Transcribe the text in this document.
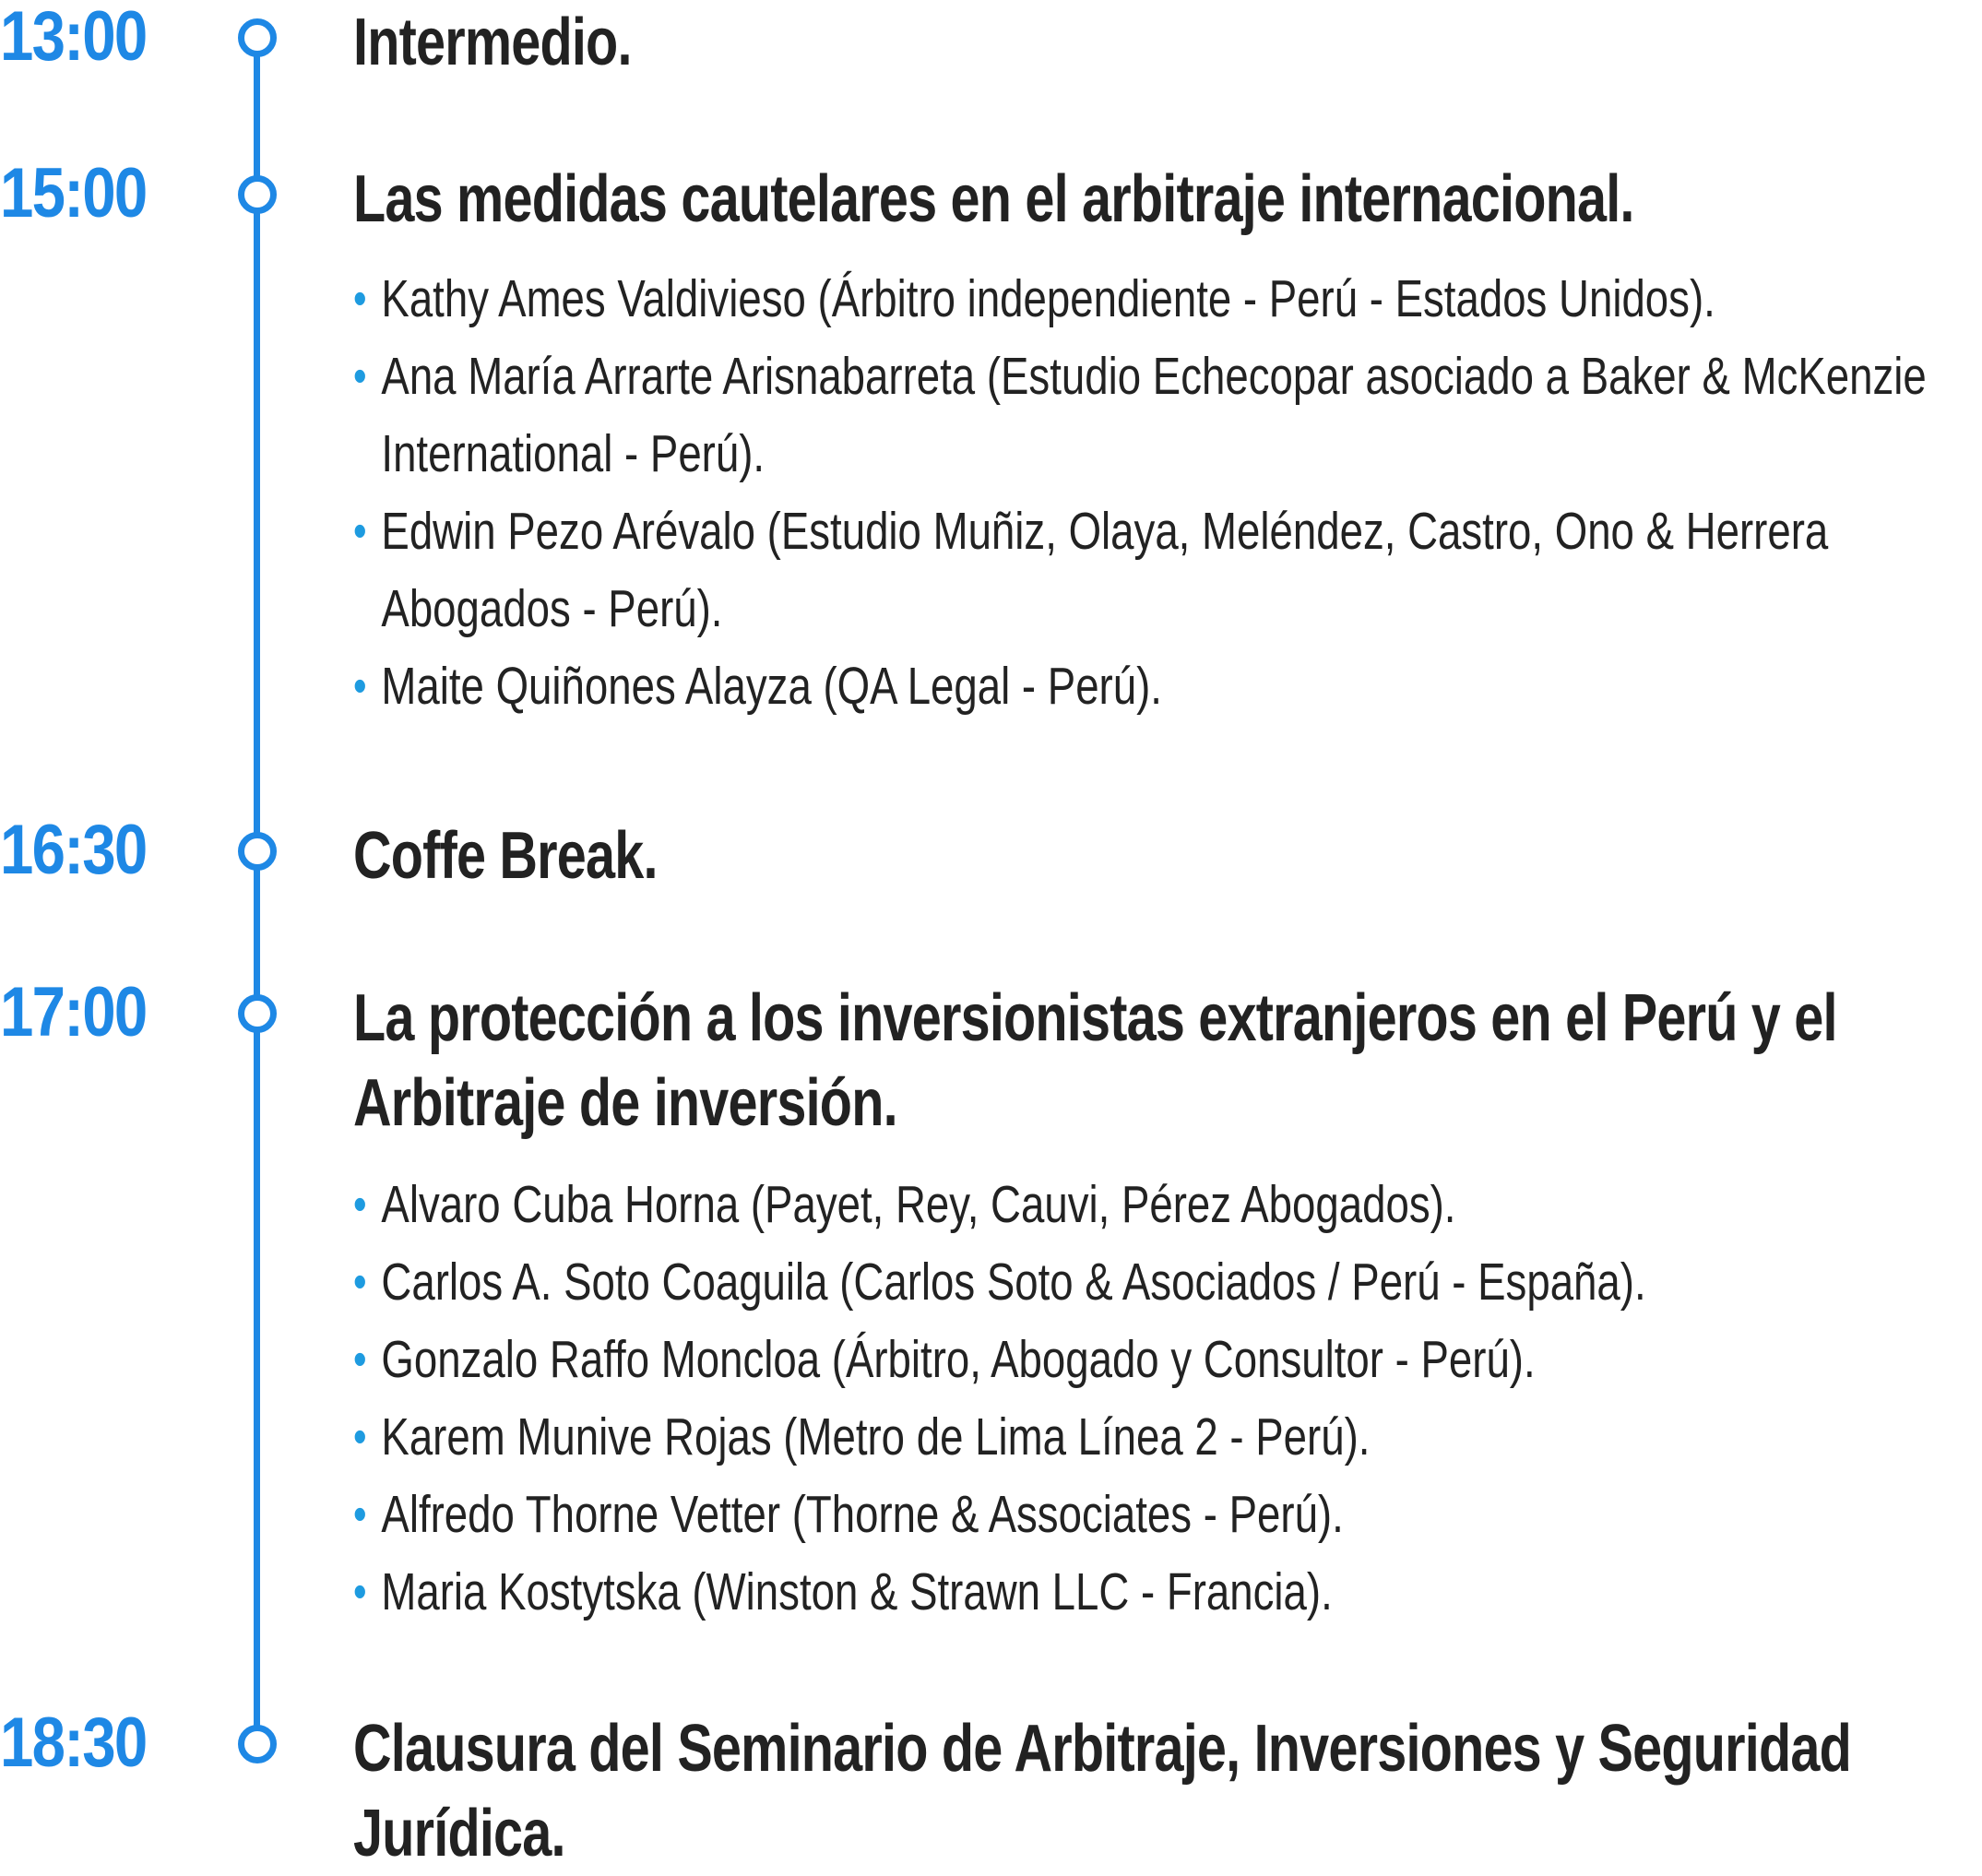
13:00	Intermedio.
15:00	Las medidas cautelares en el arbitraje internacional.
• Kathy Ames Valdivieso (Árbitro independiente - Perú - Estados Unidos).
• Ana María Arrarte Arisnabarreta (Estudio Echecopar asociado a Baker & McKenzie International - Perú).
• Edwin Pezo Arévalo (Estudio Muñiz, Olaya, Meléndez, Castro, Ono & Herrera Abogados - Perú).
• Maite Quiñones Alayza (QA Legal - Perú).
16:30	Coffe Break.
17:00	La protección a los inversionistas extranjeros en el Perú y el Arbitraje de inversión.
• Alvaro Cuba Horna (Payet, Rey, Cauvi, Pérez Abogados).
• Carlos A. Soto Coaguila (Carlos Soto & Asociados / Perú - España).
• Gonzalo Raffo Moncloa (Árbitro, Abogado y Consultor - Perú).
• Karem Munive Rojas (Metro de Lima Línea 2 - Perú).
• Alfredo Thorne Vetter (Thorne & Associates - Perú).
• Maria Kostytska (Winston & Strawn LLC - Francia).
18:30	Clausura del Seminario de Arbitraje, Inversiones y Seguridad Jurídica.
